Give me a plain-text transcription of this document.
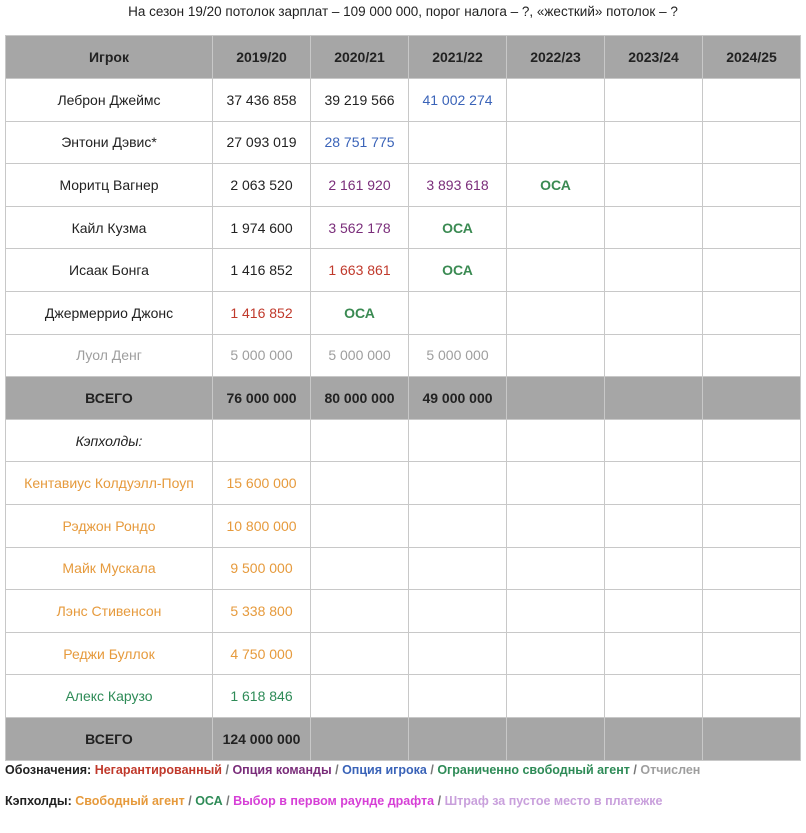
На сезон 19/20 потолок зарплат – 109 000 000, порог налога – ?, «жесткий» потолок – ?
Игрок	2019/20	2020/21	2021/22	2022/23	2023/24	2024/25
Леброн Джеймс	37 436 858	39 219 566	41 002 274			
Энтони Дэвис*	27 093 019	28 751 775				
Моритц Вагнер	2 063 520	2 161 920	3 893 618	ОСА		
Кайл Кузма	1 974 600	3 562 178	ОСА			
Исаак Бонга	1 416 852	1 663 861	ОСА			
Джермеррио Джонс	1 416 852	ОСА				
Луол Денг	5 000 000	5 000 000	5 000 000			
ВСЕГО	76 000 000	80 000 000	49 000 000			
Кэпхолды:						
Кентавиус Колдуэлл-Поуп	15 600 000					
Рэджон Рондо	10 800 000					
Майк Мускала	9 500 000					
Лэнс Стивенсон	5 338 800					
Реджи Буллок	4 750 000					
Алекс Карузо	1 618 846					
ВСЕГО	124 000 000					
Обозначения: Негарантированный / Опция команды / Опция игрока / Ограниченно свободный агент / Отчислен
Кэпхолды: Свободный агент / ОСА / Выбор в первом раунде драфта / Штраф за пустое место в платежке
